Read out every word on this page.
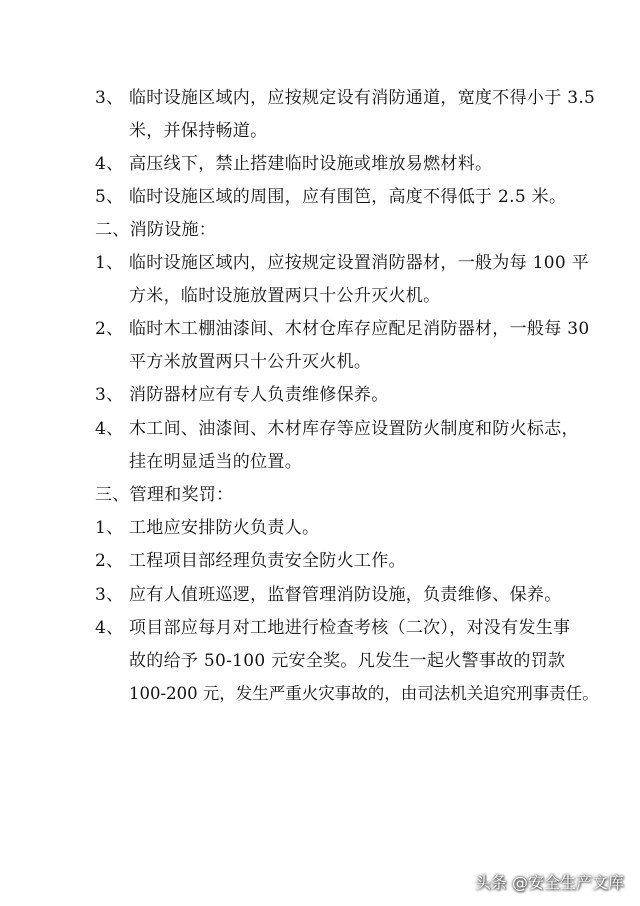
3、 临时设施区域内，应按规定设有消防通道，宽度不得小于 3.5
米，并保持畅道。
4、 高压线下，禁止搭建临时设施或堆放易燃材料。
5、 临时设施区域的周围，应有围笆，高度不得低于 2.5 米。
二、消防设施：
1、 临时设施区域内，应按规定设置消防器材，一般为每 100 平
方米，临时设施放置两只十公升灭火机。
2、 临时木工棚油漆间、木材仓库存应配足消防器材，一般每 30
平方米放置两只十公升灭火机。
3、 消防器材应有专人负责维修保养。
4、 木工间、油漆间、木材库存等应设置防火制度和防火标志，
挂在明显适当的位置。
三、管理和奖罚：
1、 工地应安排防火负责人。
2、 工程项目部经理负责安全防火工作。
3、 应有人值班巡逻，监督管理消防设施，负责维修、保养。
4、 项目部应每月对工地进行检查考核（二次），对没有发生事
故的给予 50-100 元安全奖。凡发生一起火警事故的罚款
100-200 元，发生严重火灾事故的，由司法机关追究刑事责任。
头条 @安全生产文库
